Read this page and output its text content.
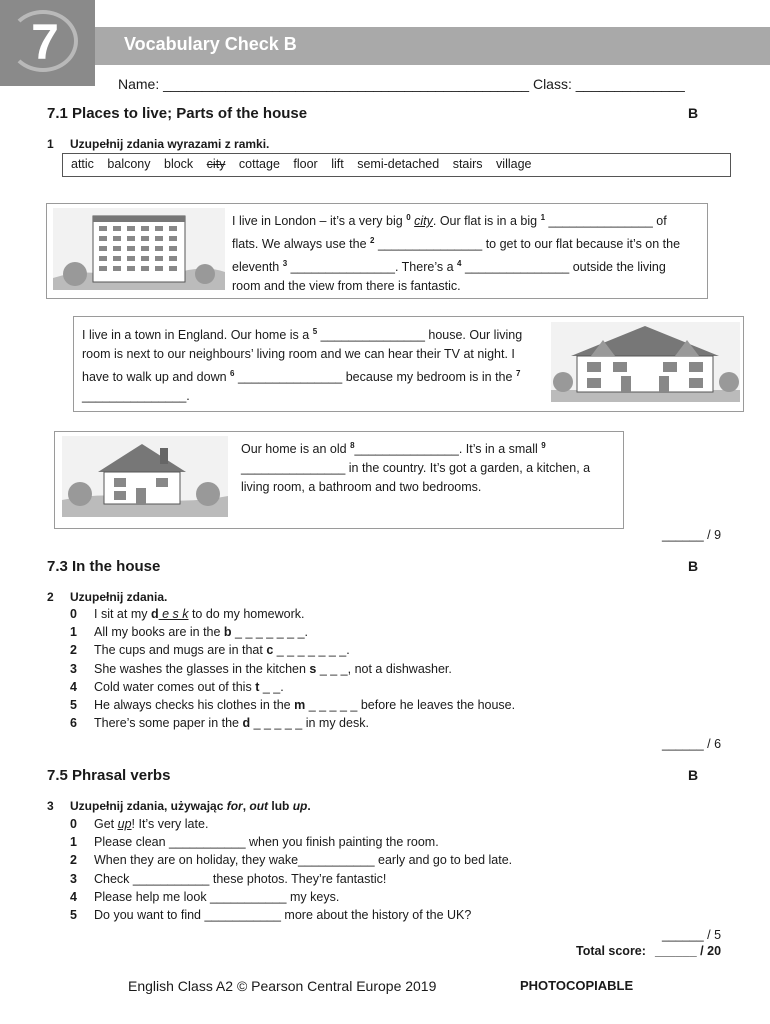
7	Vocabulary Check B
Name: _______________________________________________ Class: ______________
7.1 Places to live; Parts of the house	B
1 Uzupełnij zdania wyrazami z ramki.
attic balcony block city cottage floor lift semi-detached stairs village
I live in London – it’s a very big $^0$ city. Our flat is in a big $^1$ _______________ of flats. We always use the $^2$ _______________ to get to our flat because it’s on the eleventh $^3$ _______________. There’s a $^4$ _______________ outside the living room and the view from there is fantastic.
I live in a town in England. Our home is a $^5$ _______________ house. Our living room is next to our neighbours’ living room and we can hear their TV at night. I have to walk up and down $^6$ _______________ because my bedroom is in the $^7$ _______________.
Our home is an old $^8$_______________. It’s in a small $^9$ _______________ in the country. It’s got a garden, a kitchen, a living room, a bathroom and two bedrooms.
______ / 9
7.3 In the house	B
2 Uzupełnij zdania.
0 I sit at my d e s k to do my homework.
1 All my books are in the b _ _ _ _ _ _ _.
2 The cups and mugs are in that c _ _ _ _ _ _ _.
3 She washes the glasses in the kitchen s _ _ _, not a dishwasher.
4 Cold water comes out of this t _ _.
5 He always checks his clothes in the m _ _ _ _ _ before he leaves the house.
6 There’s some paper in the d _ _ _ _ _ in my desk.
______ / 6
7.5 Phrasal verbs	B
3 Uzupełnij zdania, używając for, out lub up.
0 Get up! It’s very late.
1 Please clean ___________ when you finish painting the room.
2 When they are on holiday, they wake___________ early and go to bed late.
3 Check ___________ these photos. They’re fantastic!
4 Please help me look ___________ my keys.
5 Do you want to find ___________ more about the history of the UK?
______ / 5
Total score: ______ / 20
English Class A2 © Pearson Central Europe 2019	PHOTOCOPIABLE
